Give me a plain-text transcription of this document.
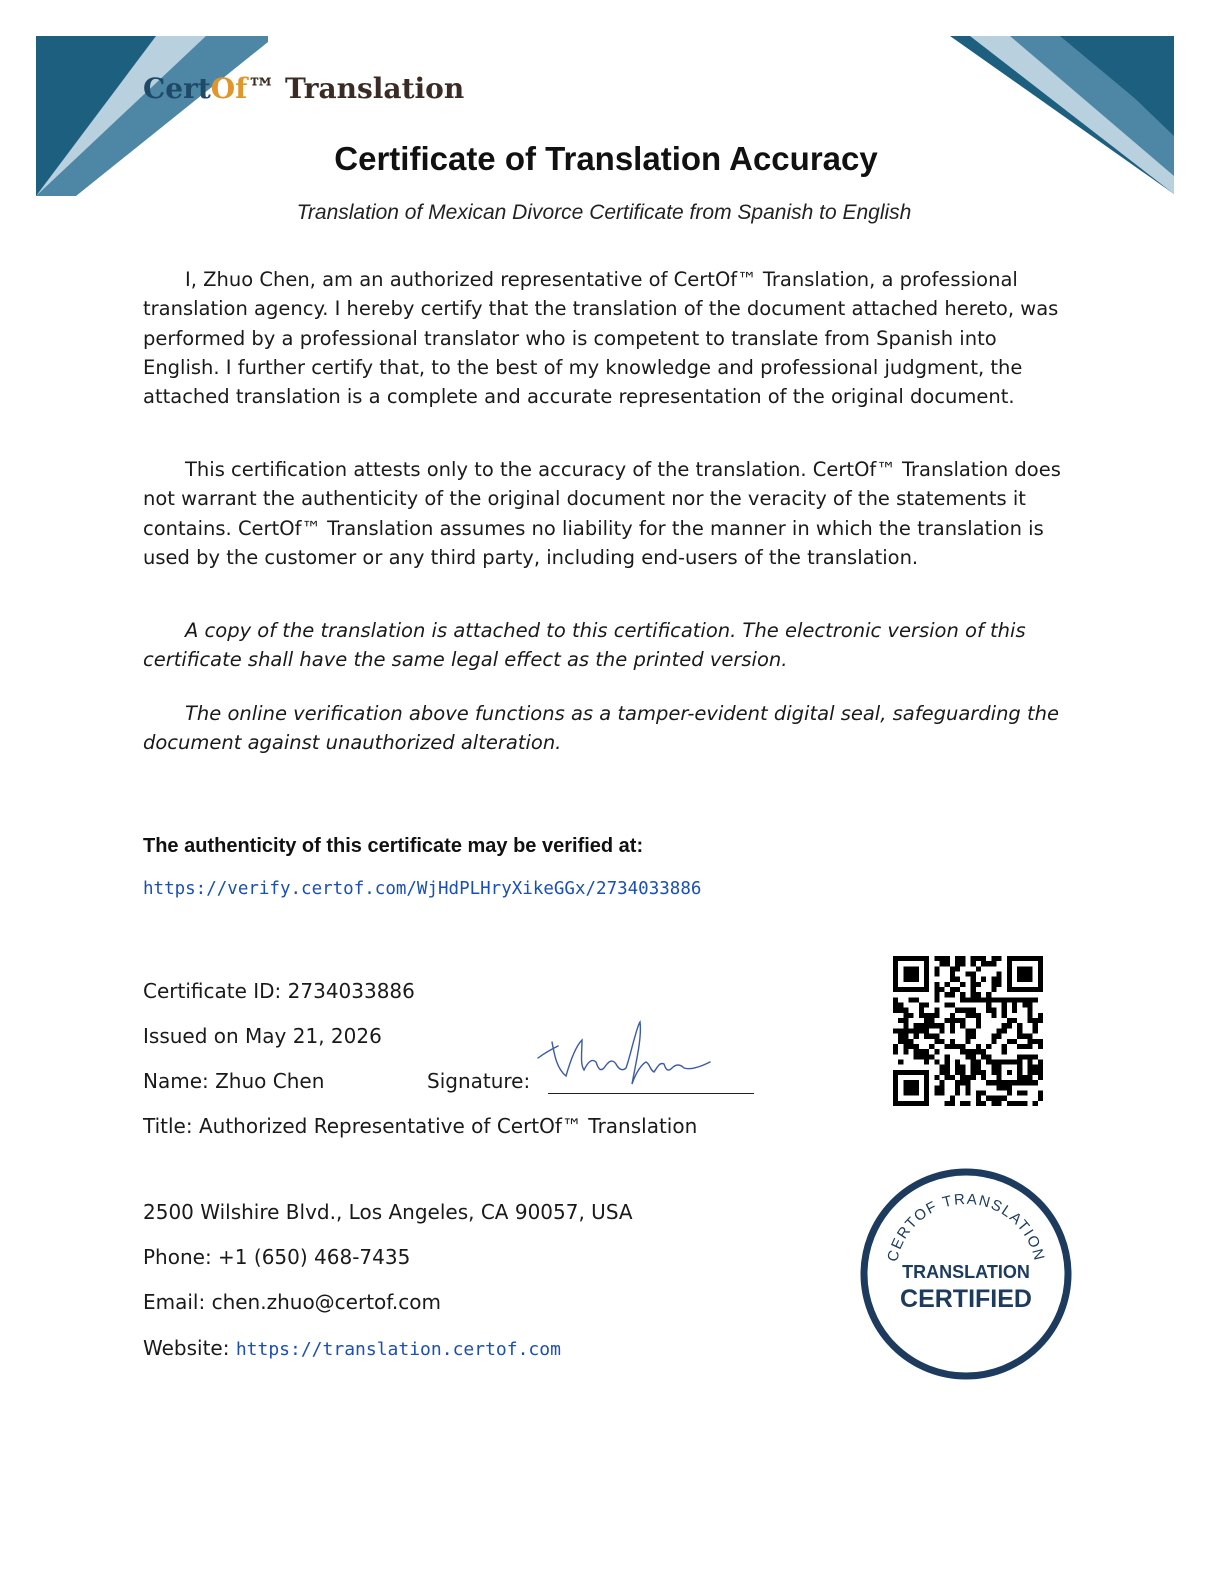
CertOf™ Translation
Certificate of Translation Accuracy
Translation of Mexican Divorce Certificate from Spanish to English

I, Zhuo Chen, am an authorized representative of CertOf™ Translation, a professional translation agency. I hereby certify that the translation of the document attached hereto, was performed by a professional translator who is competent to translate from Spanish into English. I further certify that, to the best of my knowledge and professional judgment, the attached translation is a complete and accurate representation of the original document.

This certification attests only to the accuracy of the translation. CertOf™ Translation does not warrant the authenticity of the original document nor the veracity of the statements it contains. CertOf™ Translation assumes no liability for the manner in which the translation is used by the customer or any third party, including end-users of the translation.

A copy of the translation is attached to this certification. The electronic version of this certificate shall have the same legal effect as the printed version.

The online verification above functions as a tamper-evident digital seal, safeguarding the document against unauthorized alteration.

The authenticity of this certificate may be verified at:
https://verify.certof.com/WjHdPLHryXikeGGx/2734033886
Certificate ID: 2734033886
Issued on May 21, 2026
Name: Zhuo Chen	Signature:
Title: Authorized Representative of CertOf™ Translation
2500 Wilshire Blvd., Los Angeles, CA 90057, USA
Phone: +1 (650) 468-7435
Email: chen.zhuo@certof.com
Website: https://translation.certof.com
CERTOF TRANSLATION
TRANSLATION
CERTIFIED
